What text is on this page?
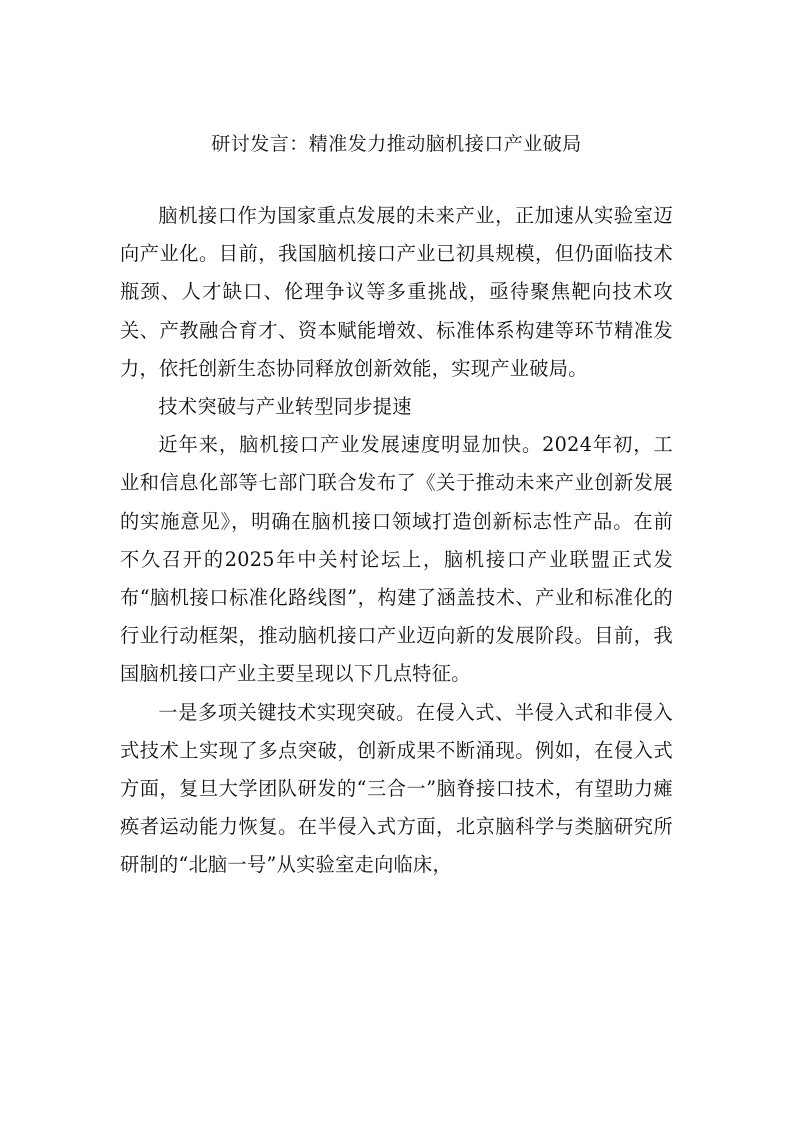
研讨发言：精准发力推动脑机接口产业破局

脑机接口作为国家重点发展的未来产业，正加速从实验室迈向产业化。目前，我国脑机接口产业已初具规模，但仍面临技术瓶颈、人才缺口、伦理争议等多重挑战，亟待聚焦靶向技术攻关、产教融合育才、资本赋能增效、标准体系构建等环节精准发力，依托创新生态协同释放创新效能，实现产业破局。

技术突破与产业转型同步提速

近年来，脑机接口产业发展速度明显加快。2024年初，工业和信息化部等七部门联合发布了《关于推动未来产业创新发展的实施意见》，明确在脑机接口领域打造创新标志性产品。在前不久召开的2025年中关村论坛上，脑机接口产业联盟正式发布“脑机接口标准化路线图”，构建了涵盖技术、产业和标准化的行业行动框架，推动脑机接口产业迈向新的发展阶段。目前，我国脑机接口产业主要呈现以下几点特征。

一是多项关键技术实现突破。在侵入式、半侵入式和非侵入式技术上实现了多点突破，创新成果不断涌现。例如，在侵入式方面，复旦大学团队研发的“三合一”脑脊接口技术，有望助力瘫痪者运动能力恢复。在半侵入式方面，北京脑科学与类脑研究所研制的“北脑一号”从实验室走向临床，
